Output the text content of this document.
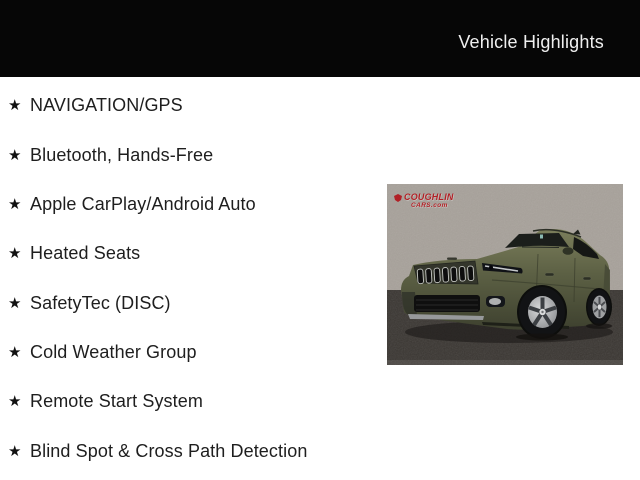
Vehicle Highlights
★ NAVIGATION/GPS
★ Bluetooth, Hands-Free
★ Apple CarPlay/Android Auto
★ Heated Seats
★ SafetyTec (DISC)
★ Cold Weather Group
★ Remote Start System
★ Blind Spot & Cross Path Detection
COUGHLIN
CARS.com
